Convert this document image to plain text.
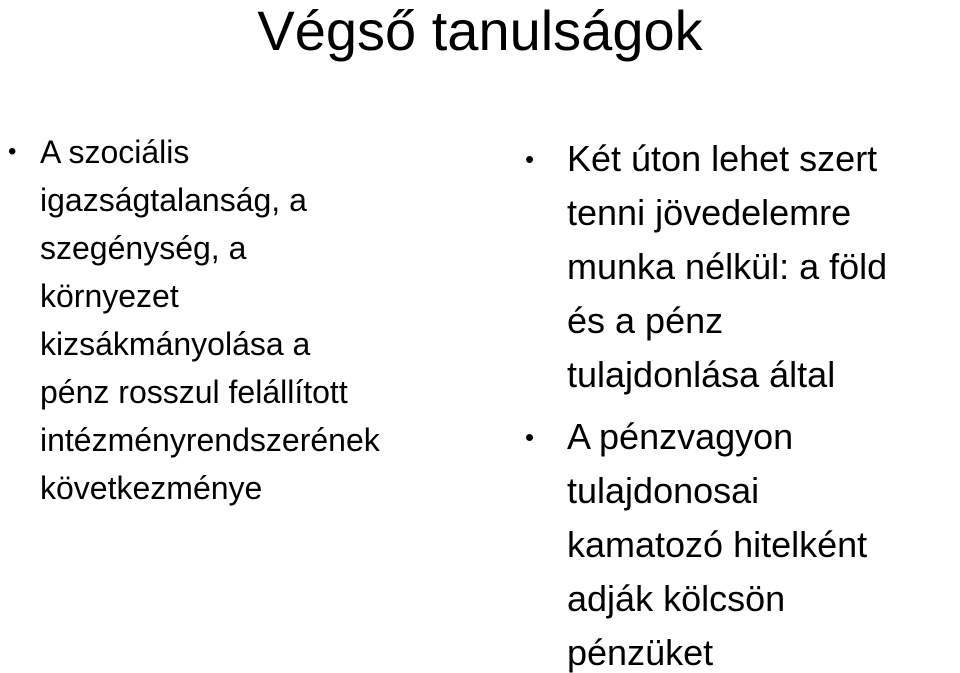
Végső tanulságok
• A szociális
igazságtalanság, a
szegénység, a
környezet
kizsákmányolása a
pénz rosszul felállított
intézményrendszerének
következménye
• Két úton lehet szert
tenni jövedelemre
munka nélkül: a föld
és a pénz
tulajdonlása által
• A pénzvagyon
tulajdonosai
kamatozó hitelként
adják kölcsön
pénzüket
